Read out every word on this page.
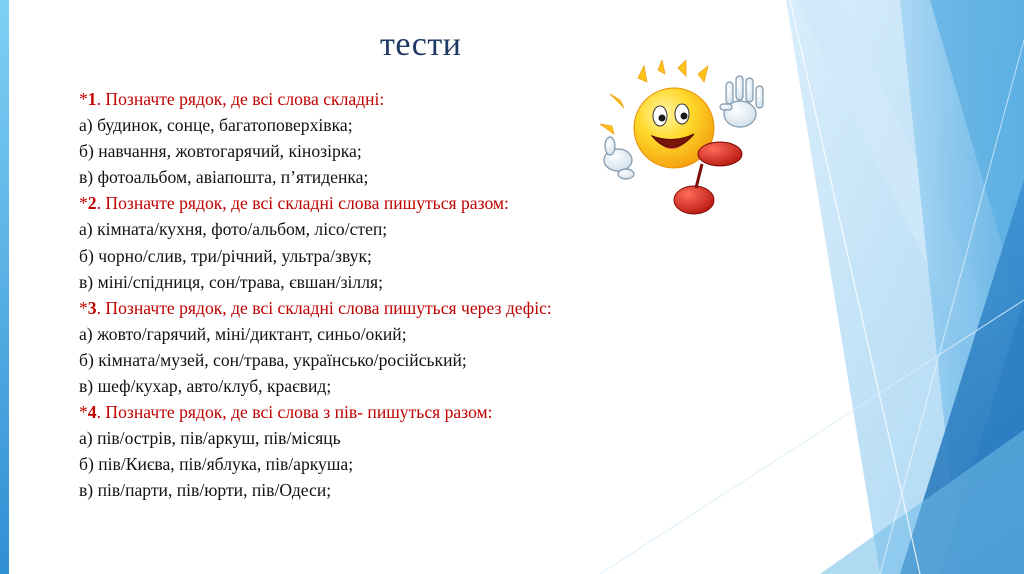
тести
*1. Позначте рядок, де всі слова складні:
а) будинок, сонце, багатоповерхівка;
б) навчання, жовтогарячий, кінозірка;
в) фотоальбом, авіапошта, п’ятиденка;
*2. Позначте рядок, де всі складні слова пишуться разом:
а) кімната/кухня, фото/альбом, лісо/степ;
б) чорно/слив, три/річний, ультра/звук;
в) міні/спідниця, сон/трава, євшан/зілля;
*3. Позначте рядок, де всі складні слова пишуться через дефіс:
а) жовто/гарячий, міні/диктант, синьо/окий;
б) кімната/музей, сон/трава, українсько/російський;
в) шеф/кухар, авто/клуб, краєвид;
*4. Позначте рядок, де всі слова з пів- пишуться разом:
а) пів/острів, пів/аркуш, пів/місяць
б) пів/Києва, пів/яблука, пів/аркуша;
в) пів/парти, пів/юрти, пів/Одеси;
